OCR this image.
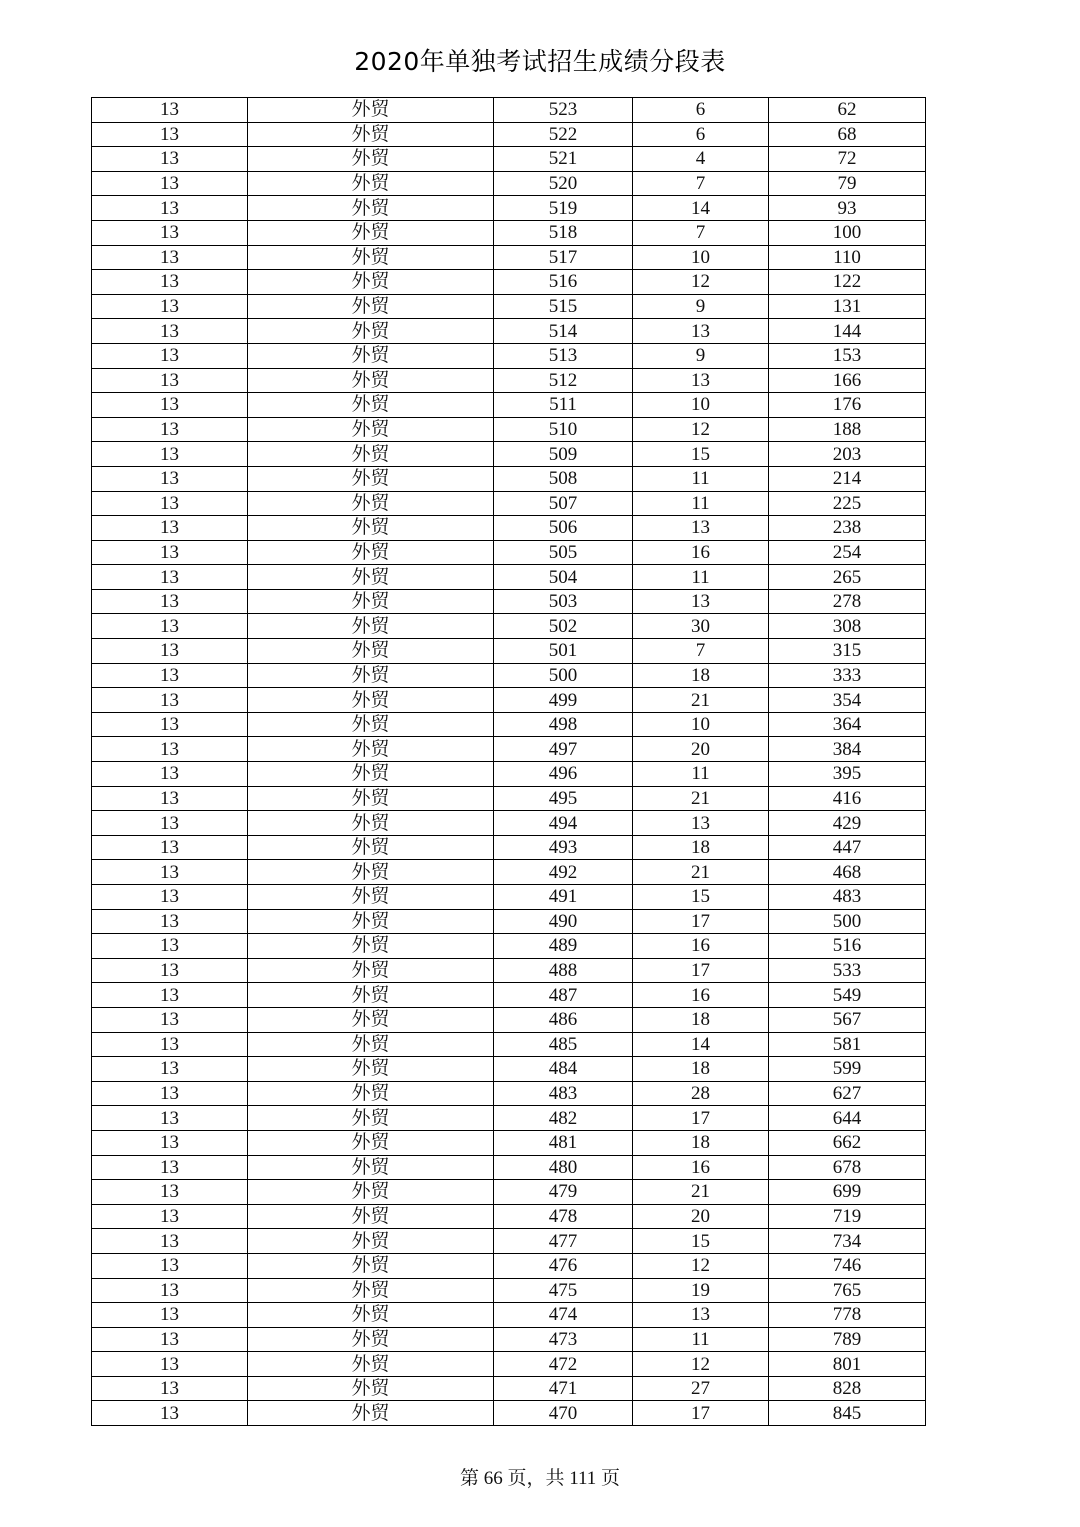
2020年单独考试招生成绩分段表
13	外贸	523	6	62
13	外贸	522	6	68
13	外贸	521	4	72
13	外贸	520	7	79
13	外贸	519	14	93
13	外贸	518	7	100
13	外贸	517	10	110
13	外贸	516	12	122
13	外贸	515	9	131
13	外贸	514	13	144
13	外贸	513	9	153
13	外贸	512	13	166
13	外贸	511	10	176
13	外贸	510	12	188
13	外贸	509	15	203
13	外贸	508	11	214
13	外贸	507	11	225
13	外贸	506	13	238
13	外贸	505	16	254
13	外贸	504	11	265
13	外贸	503	13	278
13	外贸	502	30	308
13	外贸	501	7	315
13	外贸	500	18	333
13	外贸	499	21	354
13	外贸	498	10	364
13	外贸	497	20	384
13	外贸	496	11	395
13	外贸	495	21	416
13	外贸	494	13	429
13	外贸	493	18	447
13	外贸	492	21	468
13	外贸	491	15	483
13	外贸	490	17	500
13	外贸	489	16	516
13	外贸	488	17	533
13	外贸	487	16	549
13	外贸	486	18	567
13	外贸	485	14	581
13	外贸	484	18	599
13	外贸	483	28	627
13	外贸	482	17	644
13	外贸	481	18	662
13	外贸	480	16	678
13	外贸	479	21	699
13	外贸	478	20	719
13	外贸	477	15	734
13	外贸	476	12	746
13	外贸	475	19	765
13	外贸	474	13	778
13	外贸	473	11	789
13	外贸	472	12	801
13	外贸	471	27	828
13	外贸	470	17	845
第 66 页，共 111 页
